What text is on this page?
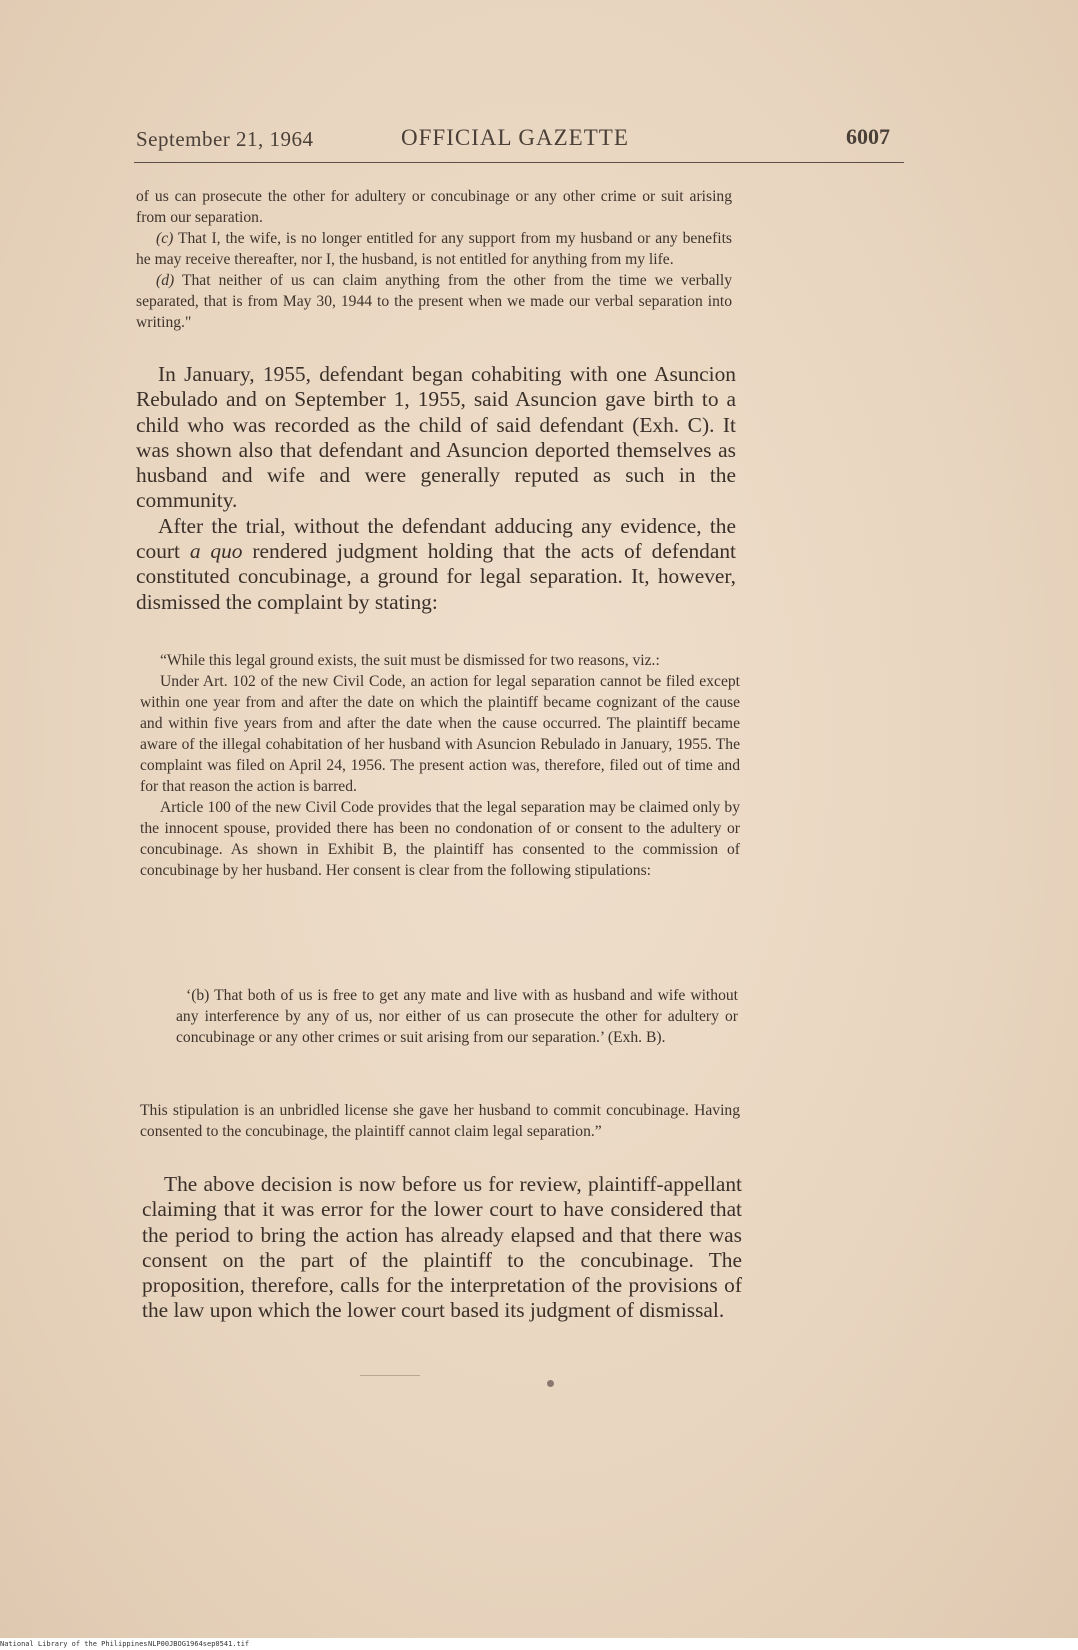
September 21, 1964	OFFICIAL GAZETTE	6007

of us can prosecute the other for adultery or concubinage or any other crime or suit arising from our separation.

(c) That I, the wife, is no longer entitled for any support from my husband or any benefits he may receive thereafter, nor I, the husband, is not entitled for anything from my life.

(d) That neither of us can claim anything from the other from the time we verbally separated, that is from May 30, 1944 to the present when we made our verbal separation into writing."

In January, 1955, defendant began cohabiting with one Asuncion Rebulado and on September 1, 1955, said Asuncion gave birth to a child who was recorded as the child of said defendant (Exh. C). It was shown also that defendant and Asuncion deported themselves as husband and wife and were generally reputed as such in the community.

After the trial, without the defendant adducing any evidence, the court a quo rendered judgment holding that the acts of defendant constituted concubinage, a ground for legal separation. It, however, dismissed the complaint by stating:

“While this legal ground exists, the suit must be dismissed for two reasons, viz.:

Under Art. 102 of the new Civil Code, an action for legal separation cannot be filed except within one year from and after the date on which the plaintiff became cognizant of the cause and within five years from and after the date when the cause occurred. The plaintiff became aware of the illegal cohabitation of her husband with Asuncion Rebulado in January, 1955. The complaint was filed on April 24, 1956. The present action was, therefore, filed out of time and for that reason the action is barred.

Article 100 of the new Civil Code provides that the legal separation may be claimed only by the innocent spouse, provided there has been no condonation of or consent to the adultery or concubinage. As shown in Exhibit B, the plaintiff has consented to the commission of concubinage by her husband. Her consent is clear from the following stipulations:

‘(b) That both of us is free to get any mate and live with as husband and wife without any interference by any of us, nor either of us can prosecute the other for adultery or concubinage or any other crimes or suit arising from our separation.’ (Exh. B).

This stipulation is an unbridled license she gave her husband to commit concubinage. Having consented to the concubinage, the plaintiff cannot claim legal separation.”

The above decision is now before us for review, plaintiff-appellant claiming that it was error for the lower court to have considered that the period to bring the action has already elapsed and that there was consent on the part of the plaintiff to the concubinage. The proposition, therefore, calls for the interpretation of the provisions of the law upon which the lower court based its judgment of dismissal.

National Library of the Philippines NLP00JBOG1964sep0541.tif
